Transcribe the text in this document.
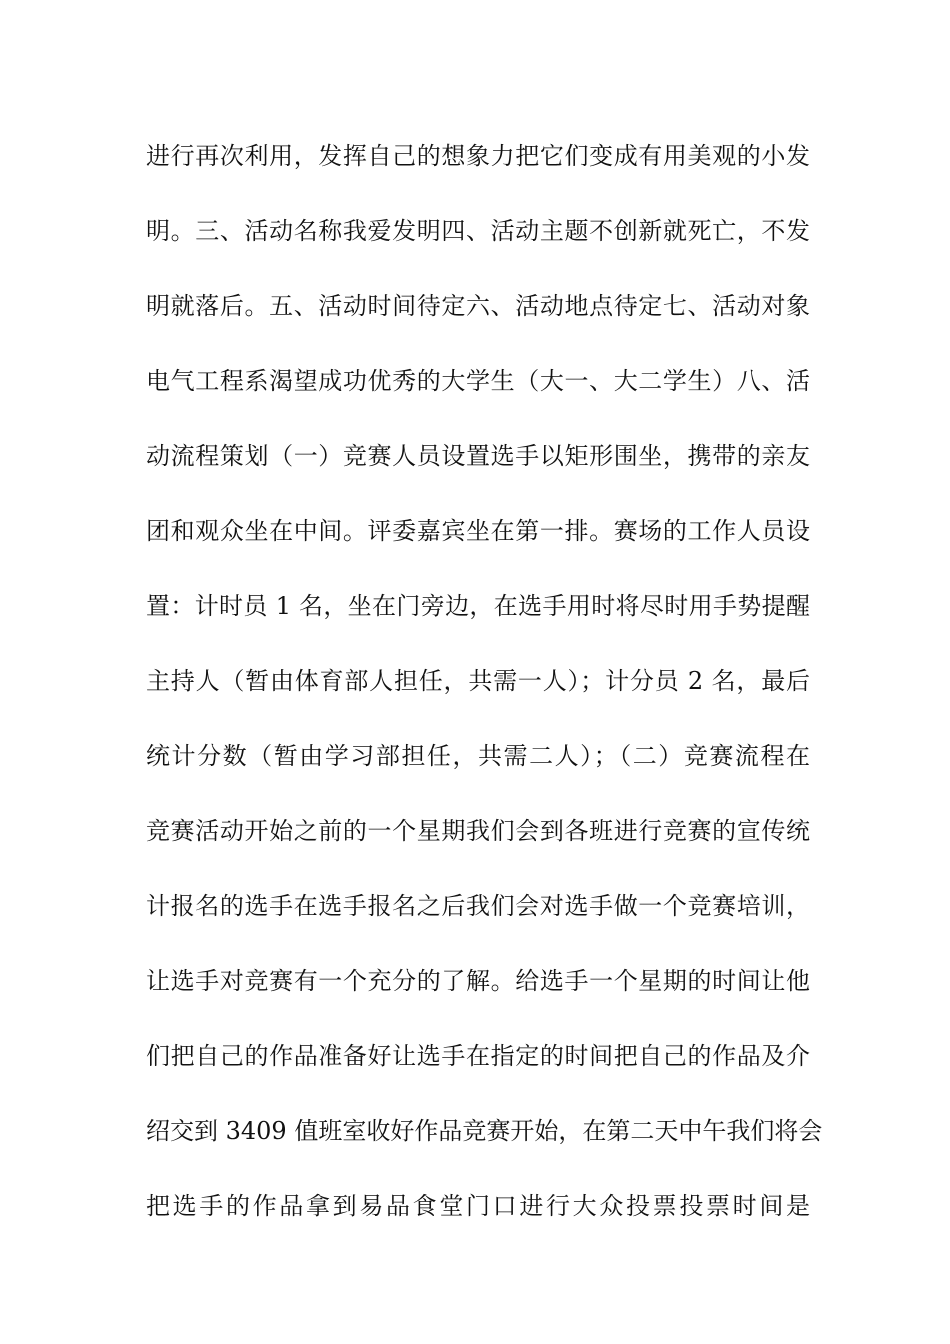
进行再次利用，发挥自己的想象力把它们变成有用美观的小发
明。三、活动名称我爱发明四、活动主题不创新就死亡，不发
明就落后。五、活动时间待定六、活动地点待定七、活动对象
电气工程系渴望成功优秀的大学生（大一、大二学生）八、活
动流程策划（一）竞赛人员设置选手以矩形围坐，携带的亲友
团和观众坐在中间。评委嘉宾坐在第一排。赛场的工作人员设
置：计时员 1 名，坐在门旁边，在选手用时将尽时用手势提醒
主持人（暂由体育部人担任，共需一人）；计分员 2 名，最后
统计分数（暂由学习部担任，共需二人）；（二）竞赛流程在
竞赛活动开始之前的一个星期我们会到各班进行竞赛的宣传统
计报名的选手在选手报名之后我们会对选手做一个竞赛培训，
让选手对竞赛有一个充分的了解。给选手一个星期的时间让他
们把自己的作品准备好让选手在指定的时间把自己的作品及介
绍交到 3409 值班室收好作品竞赛开始，在第二天中午我们将会
把选手的作品拿到易品食堂门口进行大众投票投票时间是
